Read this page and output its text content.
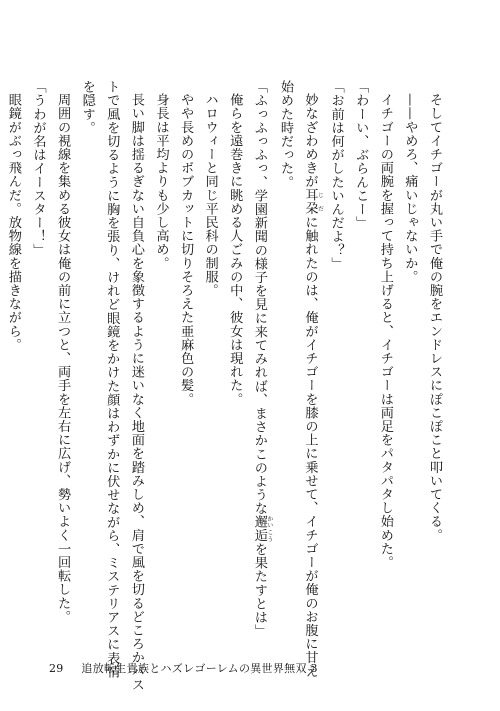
そしてイチゴーが丸い手で俺の腕をエンドレスにぽこぽこと叩いてくる。

——やめろ、痛いじゃないか。

イチゴーの両腕を握って持ち上げると、イチゴーは両足をパタパタし始めた。

「わーい、ぶらんこー」

「お前は何がしたいんだよ？」

妙なざわめきが耳朶 じだに触れたのは、俺がイチゴーを膝の上に乗せて、イチゴーが俺のお腹に甘え

始めた時だった。

「ふっふっふっ、学園新聞の様子を見に来てみれば、まさかこのような邂逅 かいこうを果たすとは」

俺らを遠巻きに眺める人ごみの中、彼女は現れた。

ハロウィーと同じ平民科の制服。

やや長めのボブカットに切りそろえた亜麻色の髪。

身長は平均よりも少し高め。

長い脚は揺るぎない自負心を象徴するように迷いなく地面を踏みしめ、肩で風を切るどころかバス

トで風を切るように胸を張り、けれど眼鏡をかけた顔はわずかに伏せながら、ミステリアスに表情

を隠す。

周囲の視線を集める彼女は俺の前に立つと、両手を左右に広げ、勢いよく一回転した。

「うわが名はイースター！」

眼鏡がぶっ飛んだ。放物線を描きながら。

29 追放転生貴族とハズレゴーレムの異世界無双 3
